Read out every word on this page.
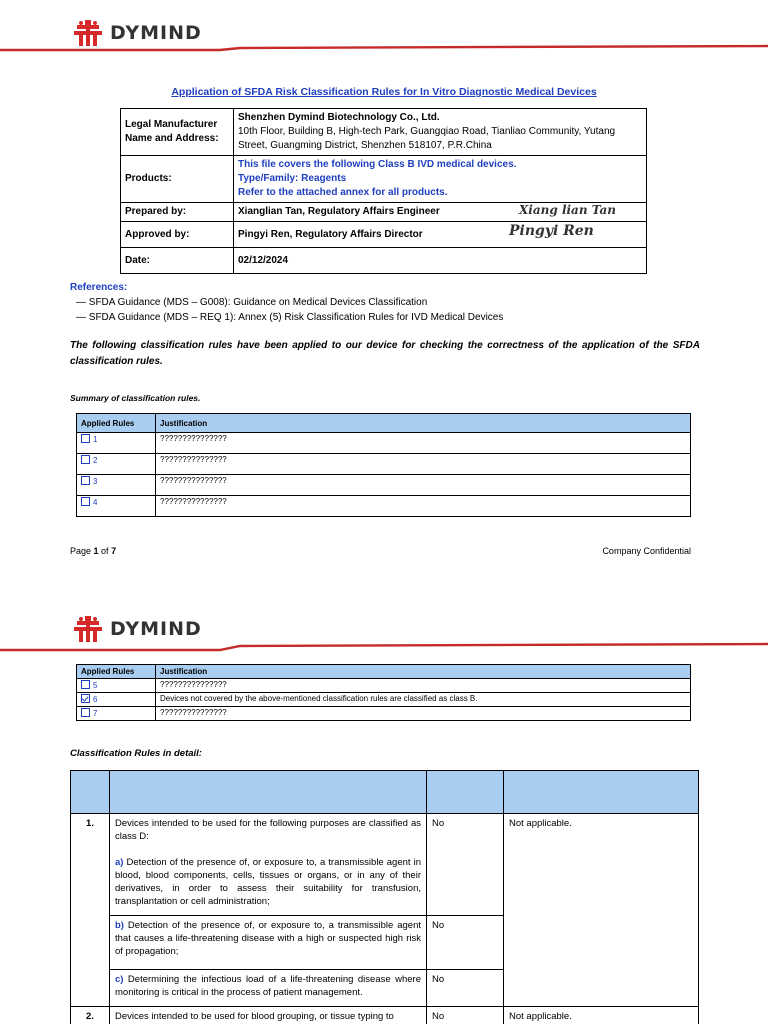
DYMIND
Application of SFDA Risk Classification Rules for In Vitro Diagnostic Medical Devices
Legal Manufacturer Name and Address:	Shenzhen Dymind Biotechnology Co., Ltd.
10th Floor, Building B, High-tech Park, Guangqiao Road, Tianliao Community, Yutang Street, Guangming District, Shenzhen 518107, P.R.China

Products:	This file covers the following Class B IVD medical devices.
Type/Family: Reagents
Refer to the attached annex for all products.

Prepared by:	Xianglian Tan, Regulatory Affairs Engineer Xiang lian Tan

Approved by:	Pingyi Ren, Regulatory Affairs Director Pingyi Ren

Date:	02/12/2024
References:
— SFDA Guidance (MDS – G008): Guidance on Medical Devices Classification
— SFDA Guidance (MDS – REQ 1): Annex (5) Risk Classification Rules for IVD Medical Devices
The following classification rules have been applied to our device for checking the correctness of the application of the SFDA classification rules.
Summary of classification rules.
Applied Rules	Justification
1	???????????????
2	???????????????
3	???????????????
4	???????????????
Page 1 of 7	Company Confidential
DYMIND
Applied Rules	Justification
5	???????????????
6	Devices not covered by the above-mentioned classification rules are classified as class B.
7	???????????????
Classification Rules in detail:

1.	Devices intended to be used for the following purposes are classified as class D:
a) Detection of the presence of, or exposure to, a transmissible agent in blood, blood components, cells, tissues or organs, or in any of their derivatives, in order to assess their suitability for transfusion, transplantation or cell administration;	No	Not applicable.
	b) Detection of the presence of, or exposure to, a transmissible agent that causes a life-threatening disease with a high or suspected high risk of propagation;	No	
	c) Determining the infectious load of a life-threatening disease where monitoring is critical in the process of patient management.	No	
2.	Devices intended to be used for blood grouping, or tissue typing to	No	Not applicable.
